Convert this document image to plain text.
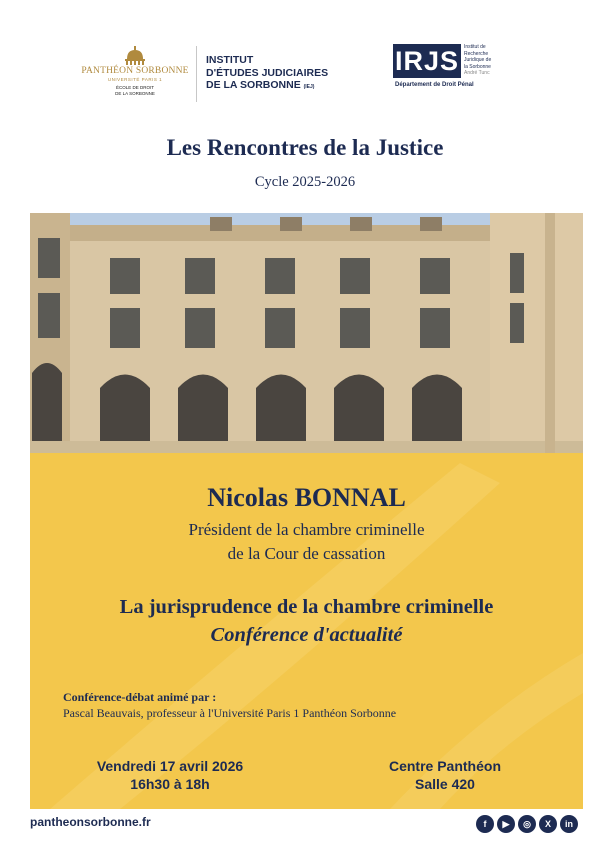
PANTHÉON SORBONNE
UNIVERSITÉ PARIS 1
ÉCOLE DE DROIT
DE LA SORBONNE
INSTITUT
D'ÉTUDES JUDICIAIRES
DE LA SORBONNE (IEJ)
IRJS Institut de
Recherche
Juridique de
la Sorbonne
André Tunc
Département de Droit Pénal
Les Rencontres de la Justice
Cycle 2025-2026
Nicolas BONNAL
Président de la chambre criminelle
de la Cour de cassation
La jurisprudence de la chambre criminelle
Conférence d'actualité
Conférence-débat animé par :
Pascal Beauvais, professeur à l'Université Paris 1 Panthéon Sorbonne
Vendredi 17 avril 2026
16h30 à 18h
Centre Panthéon
Salle 420
pantheonsorbonne.fr	f	▶	◎	X	in
